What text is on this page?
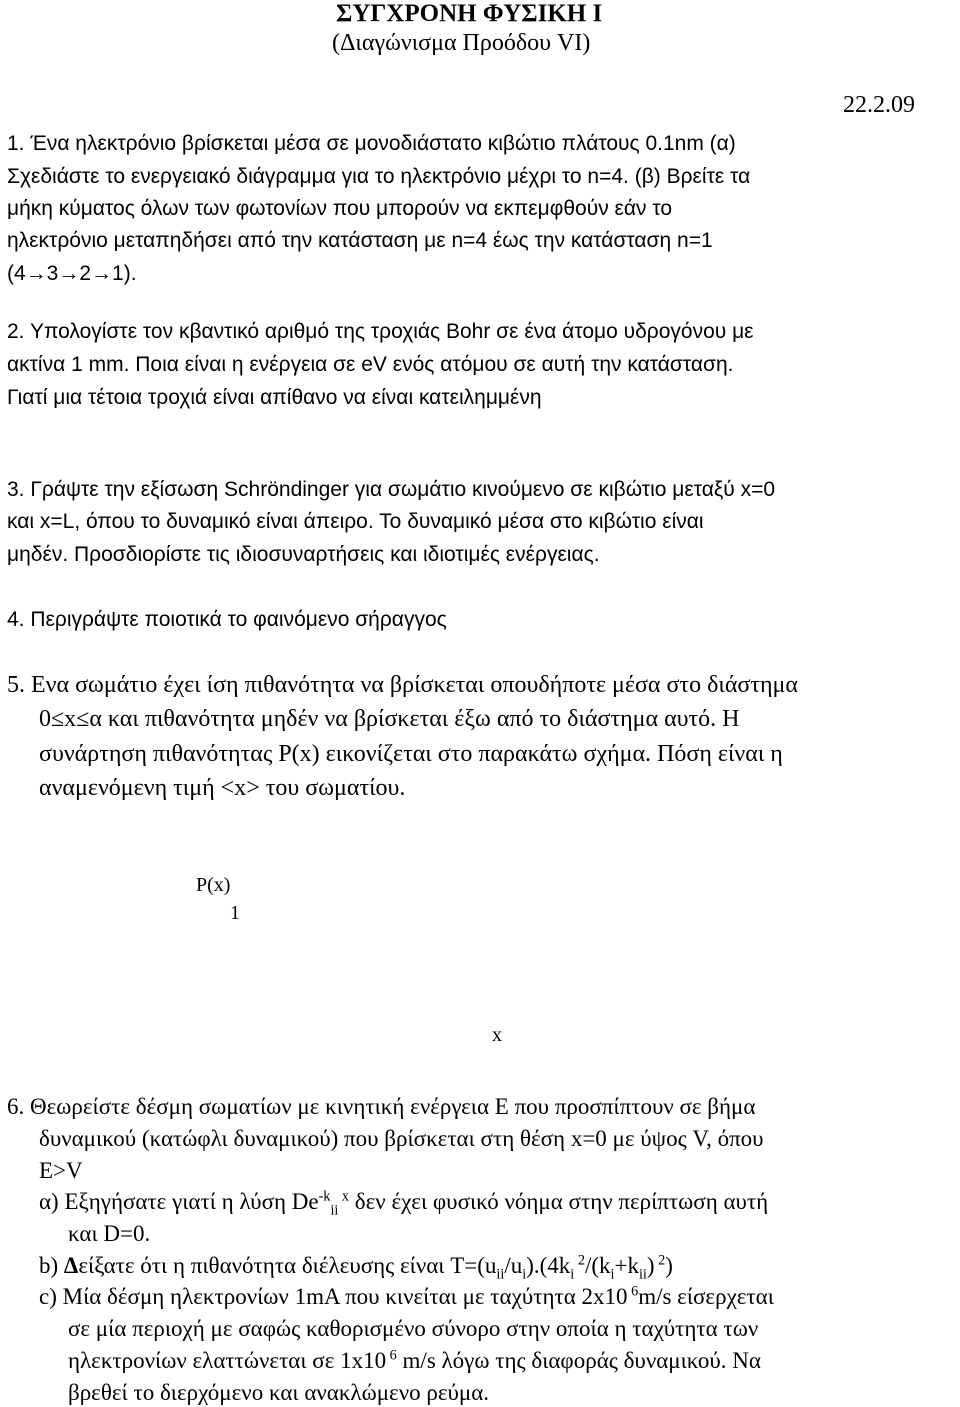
ΣΥΓΧΡΟΝΗ ΦΥΣΙΚΗ Ι
(Διαγώνισμα Προόδου VI)
22.2.09
1. Ένα ηλεκτρόνιο βρίσκεται μέσα σε μονοδιάστατο κιβώτιο πλάτους 0.1nm (α)
Σχεδιάστε το ενεργειακό διάγραμμα για το ηλεκτρόνιο μέχρι το n=4. (β) Βρείτε τα
μήκη κύματος όλων των φωτονίων που μπορούν να εκπεμφθούν εάν το
ηλεκτρόνιο μεταπηδήσει από την κατάσταση με n=4 έως την κατάσταση n=1
(4→3→2→1).
2. Υπολογίστε τον κβαντικό αριθμό της τροχιάς Bohr σε ένα άτομο υδρογόνου με
ακτίνα 1 mm. Ποια είναι η ενέργεια σε eV ενός ατόμου σε αυτή την κατάσταση.
Γιατί μια τέτοια τροχιά είναι απίθανο να είναι κατειλημμένη
3. Γράψτε την εξίσωση Schrӧndinger για σωμάτιο κινούμενο σε κιβώτιο μεταξύ x=0
και x=L, όπου το δυναμικό είναι άπειρο. Το δυναμικό μέσα στο κιβώτιο είναι
μηδέν. Προσδιορίστε τις ιδιοσυναρτήσεις και ιδιοτιμές ενέργειας.
4. Περιγράψτε ποιοτικά το φαινόμενο σήραγγος
5. Ενα σωμάτιο έχει ίση πιθανότητα να βρίσκεται οπουδήποτε μέσα στο διάστημα
0≤x≤α και πιθανότητα μηδέν να βρίσκεται έξω από το διάστημα αυτό. Η
συνάρτηση πιθανότητας P(x) εικονίζεται στο παρακάτω σχήμα. Πόση είναι η
αναμενόμενη τιμή <x> του σωματίου.
P(x)
1
x
6. Θεωρείστε δέσμη σωματίων με κινητική ενέργεια E που προσπίπτουν σε βήμα
δυναμικού (κατώφλι δυναμικού) που βρίσκεται στη θέση x=0 με ύψος V, όπου
E>V
α) Εξηγήσατε γιατί η λύση $De^{-k}_{ii}$ $^x$ δεν έχει φυσικό νόημα στην περίπτωση αυτή
και D=0.
b) Δείξατε ότι η πιθανότητα διέλευσης είναι $T=(u_{ii}/u_i).(4k_i$ $^2/(k_i+k_{ii})$ $^2$)
c) Μία δέσμη ηλεκτρονίων 1mA που κινείται με ταχύτητα 2x10 $^6$m/s είσερχεται
σε μία περιοχή με σαφώς καθορισμένο σύνορο στην οποία η ταχύτητα των
ηλεκτρονίων ελαττώνεται σε 1x10 $^6$ m/s λόγω της διαφοράς δυναμικού. Να
βρεθεί το διερχόμενο και ανακλώμενο ρεύμα.
